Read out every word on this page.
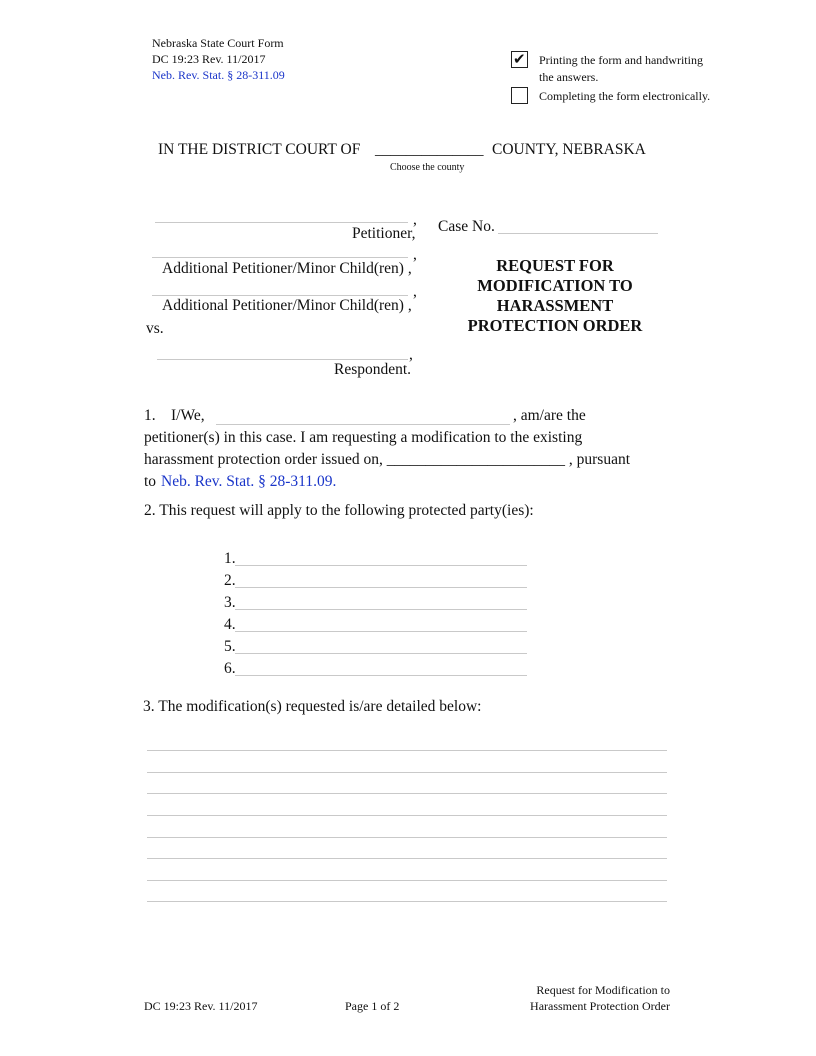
Nebraska State Court Form
DC 19:23 Rev. 11/2017
Neb. Rev. Stat. § 28-311.09
✔ Printing the form and handwriting
the answers.
Completing the form electronically.
IN THE DISTRICT COURT OF ______________ COUNTY, NEBRASKA
Choose the county
,
Petitioner, Case No.
,
Additional Petitioner/Minor Child(ren) ,
,
Additional Petitioner/Minor Child(ren) ,
vs.
,
Respondent.
REQUEST FOR MODIFICATION TO HARASSMENT PROTECTION ORDER
1. I/We,	, am/are the
petitioner(s) in this case. I am requesting a modification to the existing
harassment protection order issued on, _______________________ , pursuant
to Neb. Rev. Stat. § 28-311.09.
2. This request will apply to the following protected party(ies):
1.
2.
3.
4.
5.
6.
3. The modification(s) requested is/are detailed below:
DC 19:23 Rev. 11/2017	Page 1 of 2
Request for Modification to
Harassment Protection Order
